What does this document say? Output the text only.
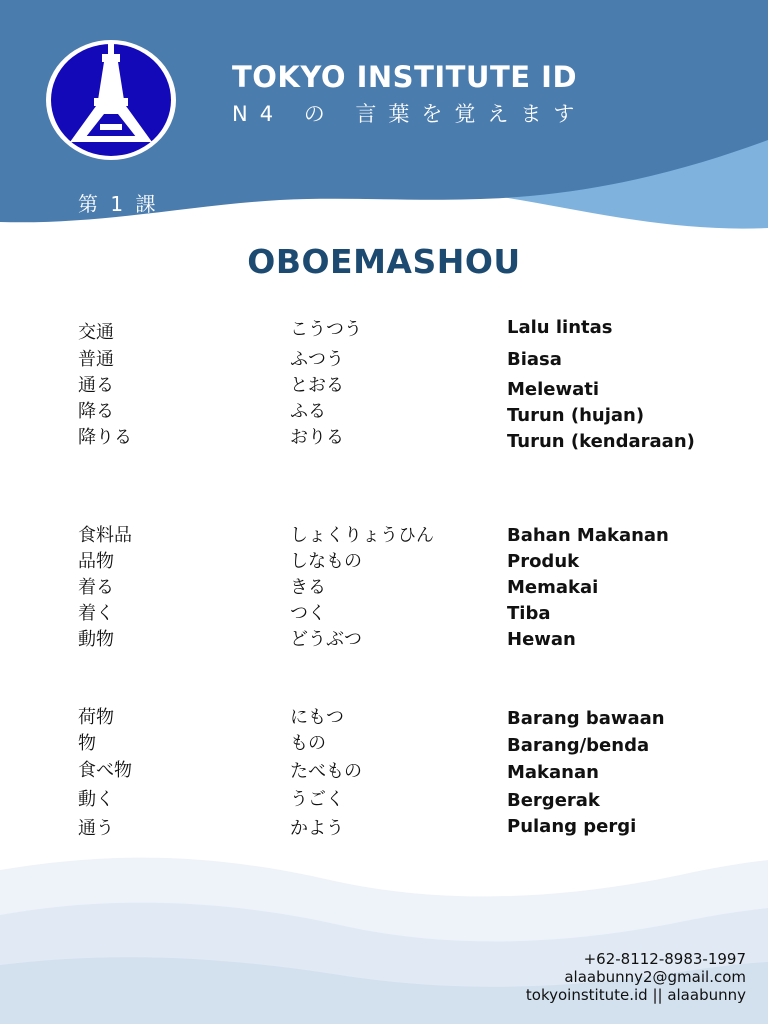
TOKYO INSTITUTE ID
N4 の 言葉を覚えます
第 1 課
OBOEMASHOU
交通	こうつう	Lalu lintas
普通	ふつう	Biasa
通る	とおる	Melewati
降る	ふる	Turun (hujan)
降りる	おりる	Turun (kendaraan)
食料品	しょくりょうひん	Bahan Makanan
品物	しなもの	Produk
着る	きる	Memakai
着く	つく	Tiba
動物	どうぶつ	Hewan
荷物	にもつ	Barang bawaan
物	もの	Barang/benda
食べ物	たべもの	Makanan
動く	うごく	Bergerak
通う	かよう	Pulang pergi
+62-8112-8983-1997
alaabunny2@gmail.com
tokyoinstitute.id || alaabunny
